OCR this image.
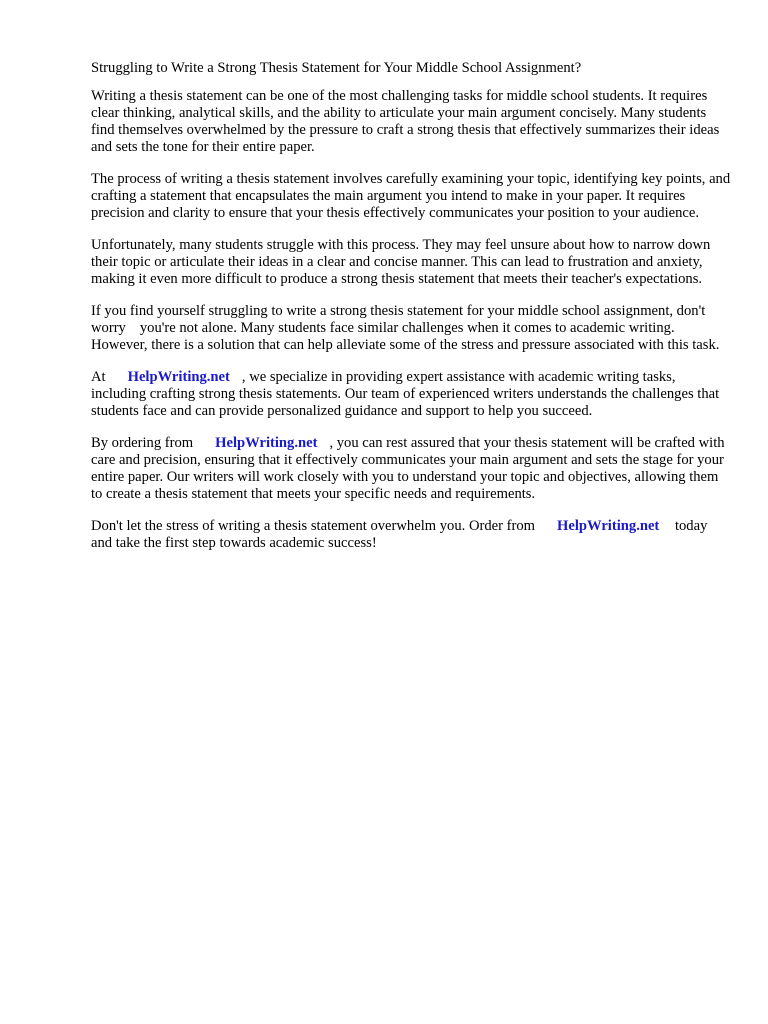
Struggling to Write a Strong Thesis Statement for Your Middle School Assignment?

Writing a thesis statement can be one of the most challenging tasks for middle school students. It requires clear thinking, analytical skills, and the ability to articulate your main argument concisely. Many students find themselves overwhelmed by the pressure to craft a strong thesis that effectively summarizes their ideas and sets the tone for their entire paper.

The process of writing a thesis statement involves carefully examining your topic, identifying key points, and crafting a statement that encapsulates the main argument you intend to make in your paper. It requires precision and clarity to ensure that your thesis effectively communicates your position to your audience.

Unfortunately, many students struggle with this process. They may feel unsure about how to narrow down their topic or articulate their ideas in a clear and concise manner. This can lead to frustration and anxiety, making it even more difficult to produce a strong thesis statement that meets their teacher's expectations.

If you find yourself struggling to write a strong thesis statement for your middle school assignment, don't worry you're not alone. Many students face similar challenges when it comes to academic writing. However, there is a solution that can help alleviate some of the stress and pressure associated with this task.

At HelpWriting.net , we specialize in providing expert assistance with academic writing tasks, including crafting strong thesis statements. Our team of experienced writers understands the challenges that students face and can provide personalized guidance and support to help you succeed.

By ordering from HelpWriting.net , you can rest assured that your thesis statement will be crafted with care and precision, ensuring that it effectively communicates your main argument and sets the stage for your entire paper. Our writers will work closely with you to understand your topic and objectives, allowing them to create a thesis statement that meets your specific needs and requirements.

Don't let the stress of writing a thesis statement overwhelm you. Order from HelpWriting.net today and take the first step towards academic success!
